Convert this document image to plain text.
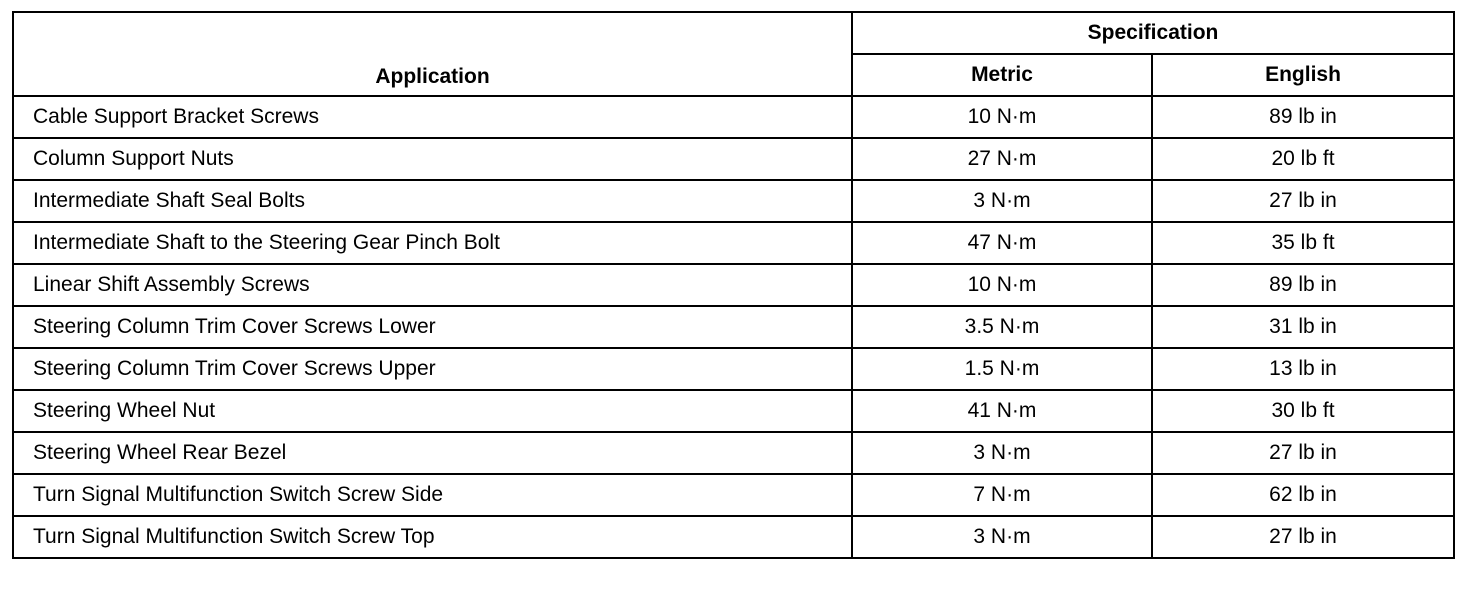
Application	Specification	
	Metric	English
Cable Support Bracket Screws	10 N·m	89 lb in
Column Support Nuts	27 N·m	20 lb ft
Intermediate Shaft Seal Bolts	3 N·m	27 lb in
Intermediate Shaft to the Steering Gear Pinch Bolt	47 N·m	35 lb ft
Linear Shift Assembly Screws	10 N·m	89 lb in
Steering Column Trim Cover Screws Lower	3.5 N·m	31 lb in
Steering Column Trim Cover Screws Upper	1.5 N·m	13 lb in
Steering Wheel Nut	41 N·m	30 lb ft
Steering Wheel Rear Bezel	3 N·m	27 lb in
Turn Signal Multifunction Switch Screw Side	7 N·m	62 lb in
Turn Signal Multifunction Switch Screw Top	3 N·m	27 lb in
